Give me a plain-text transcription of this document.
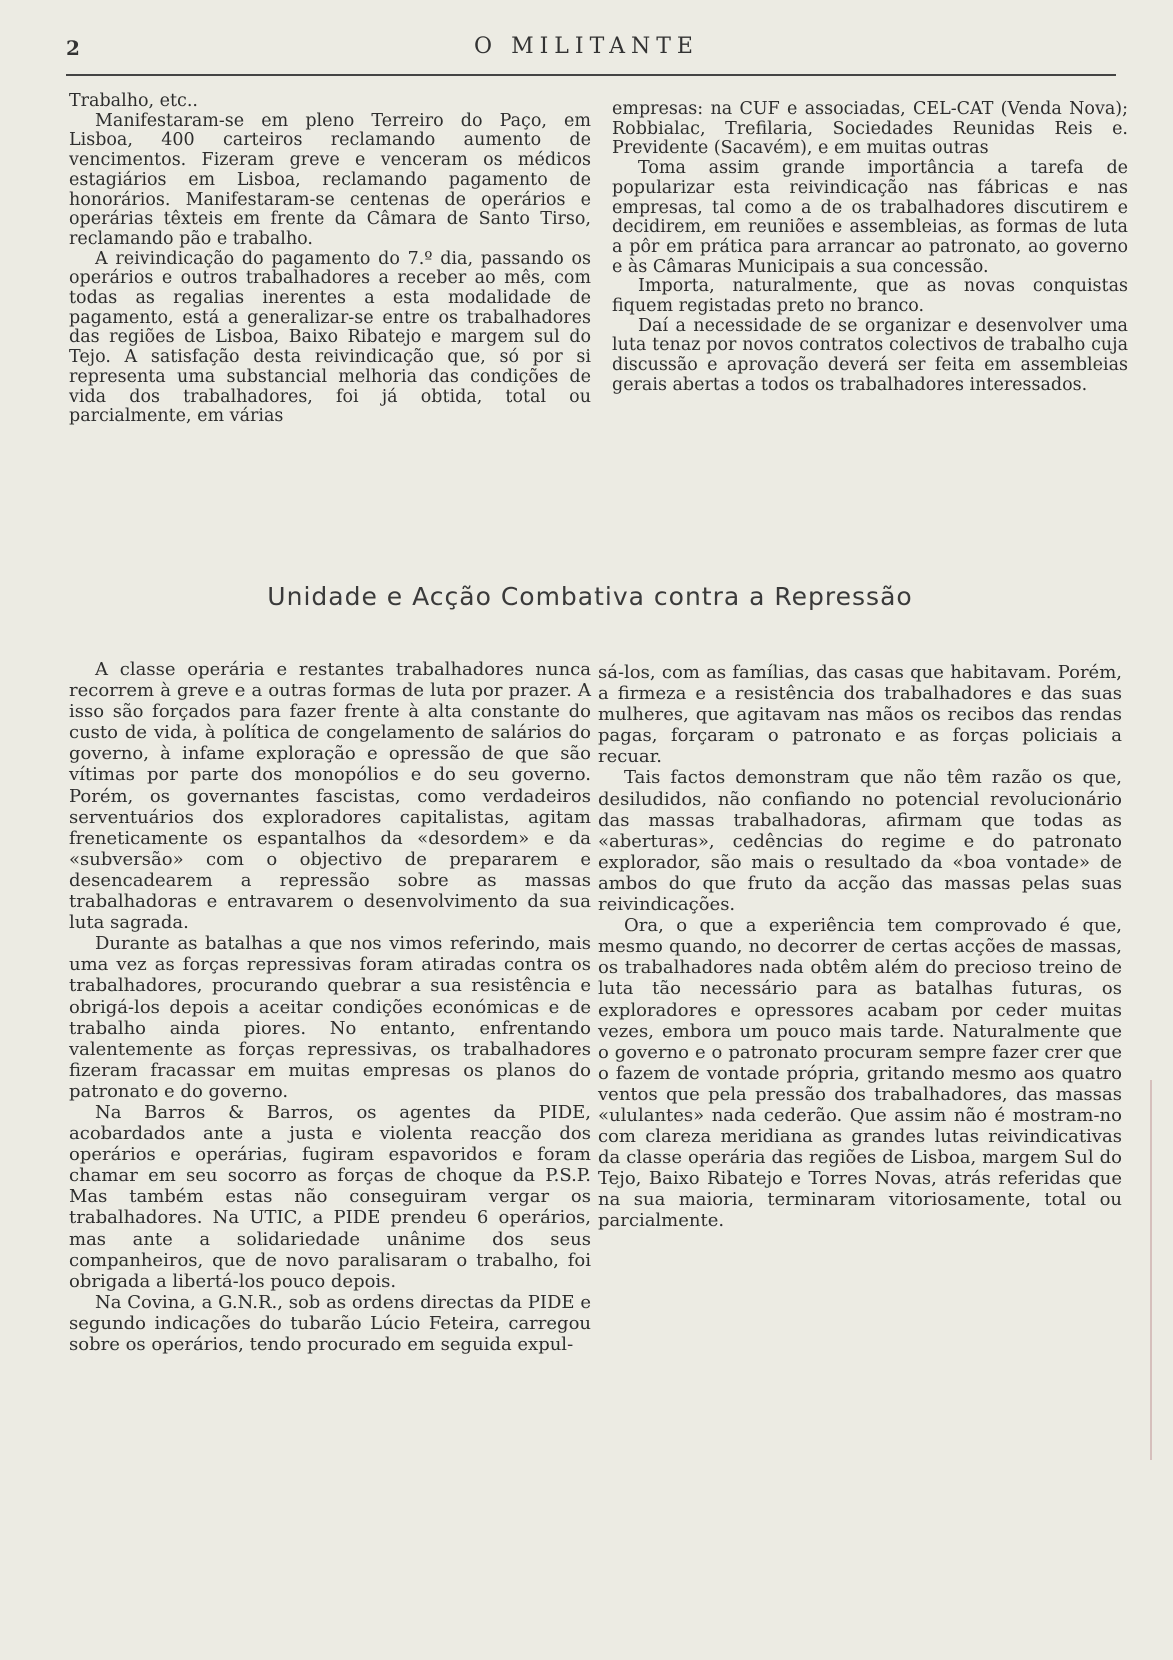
2	O MILITANTE

Trabalho, etc..

Manifestaram-se em pleno Terreiro do Paço, em Lisboa, 400 carteiros reclamando aumento de vencimentos. Fizeram greve e venceram os médicos estagiários em Lisboa, reclamando pagamento de honorários. Manifestaram-se centenas de operários e operárias têxteis em frente da Câmara de Santo Tirso, reclamando pão e trabalho.

A reivindicação do pagamento do 7.º dia, passando os operários e outros trabalhadores a receber ao mês, com todas as regalias inerentes a esta modalidade de pagamento, está a generalizar-se entre os trabalhadores das regiões de Lisboa, Baixo Ribatejo e margem sul do Tejo. A satisfação desta reivindicação que, só por si representa uma substancial melhoria das condições de vida dos trabalhadores, foi já obtida, total ou parcialmente, em várias

empresas: na CUF e associadas, CEL-CAT (Venda Nova); Robbialac, Trefilaria, Sociedades Reunidas Reis e. Previdente (Sacavém), e em muitas outras

Toma assim grande importância a tarefa de popularizar esta reivindicação nas fábricas e nas empresas, tal como a de os trabalhadores discutirem e decidirem, em reuniões e assembleias, as formas de luta a pôr em prática para arrancar ao patronato, ao governo e às Câmaras Municipais a sua concessão.

Importa, naturalmente, que as novas conquistas fiquem registadas preto no branco.

Daí a necessidade de se organizar e desenvolver uma luta tenaz por novos contratos colectivos de trabalho cuja discussão e aprovação deverá ser feita em assembleias gerais abertas a todos os trabalhadores interessados.

Unidade e Acção Combativa contra a Repressão

A classe operária e restantes trabalhadores nunca recorrem à greve e a outras formas de luta por prazer. A isso são forçados para fazer frente à alta constante do custo de vida, à política de congelamento de salários do governo, à infame exploração e opressão de que são vítimas por parte dos monopólios e do seu governo. Porém, os governantes fascistas, como verdadeiros serventuários dos exploradores capitalistas, agitam freneticamente os espantalhos da «desordem» e da «subversão» com o objectivo de prepararem e desencadearem a repressão sobre as massas trabalhadoras e entravarem o desenvolvimento da sua luta sagrada.

Durante as batalhas a que nos vimos referindo, mais uma vez as forças repressivas foram atiradas contra os trabalhadores, procurando quebrar a sua resistência e obrigá-los depois a aceitar condições económicas e de trabalho ainda piores. No entanto, enfrentando valentemente as forças repressivas, os trabalhadores fizeram fracassar em muitas empresas os planos do patronato e do governo.

Na Barros & Barros, os agentes da PIDE, acobardados ante a justa e violenta reacção dos operários e operárias, fugiram espavoridos e foram chamar em seu socorro as forças de choque da P.S.P. Mas também estas não conseguiram vergar os trabalhadores. Na UTIC, a PIDE prendeu 6 operários, mas ante a solidariedade unânime dos seus companheiros, que de novo paralisaram o trabalho, foi obrigada a libertá-los pouco depois.

Na Covina, a G.N.R., sob as ordens directas da PIDE e segundo indicações do tubarão Lúcio Feteira, carregou sobre os operários, tendo procurado em seguida expul-

sá-los, com as famílias, das casas que habitavam. Porém, a firmeza e a resistência dos trabalhadores e das suas mulheres, que agitavam nas mãos os recibos das rendas pagas, forçaram o patronato e as forças policiais a recuar.

Tais factos demonstram que não têm razão os que, desiludidos, não confiando no potencial revolucionário das massas trabalhadoras, afirmam que todas as «aberturas», cedências do regime e do patronato explorador, são mais o resultado da «boa vontade» de ambos do que fruto da acção das massas pelas suas reivindicações.

Ora, o que a experiência tem comprovado é que, mesmo quando, no decorrer de certas acções de massas, os trabalhadores nada obtêm além do precioso treino de luta tão necessário para as batalhas futuras, os exploradores e opressores acabam por ceder muitas vezes, embora um pouco mais tarde. Naturalmente que o governo e o patronato procuram sempre fazer crer que o fazem de vontade própria, gritando mesmo aos quatro ventos que pela pressão dos trabalhadores, das massas «ululantes» nada cederão. Que assim não é mostram-no com clareza meridiana as grandes lutas reivindicativas da classe operária das regiões de Lisboa, margem Sul do Tejo, Baixo Ribatejo e Torres Novas, atrás referidas que na sua maioria, terminaram vitoriosamente, total ou parcialmente.
